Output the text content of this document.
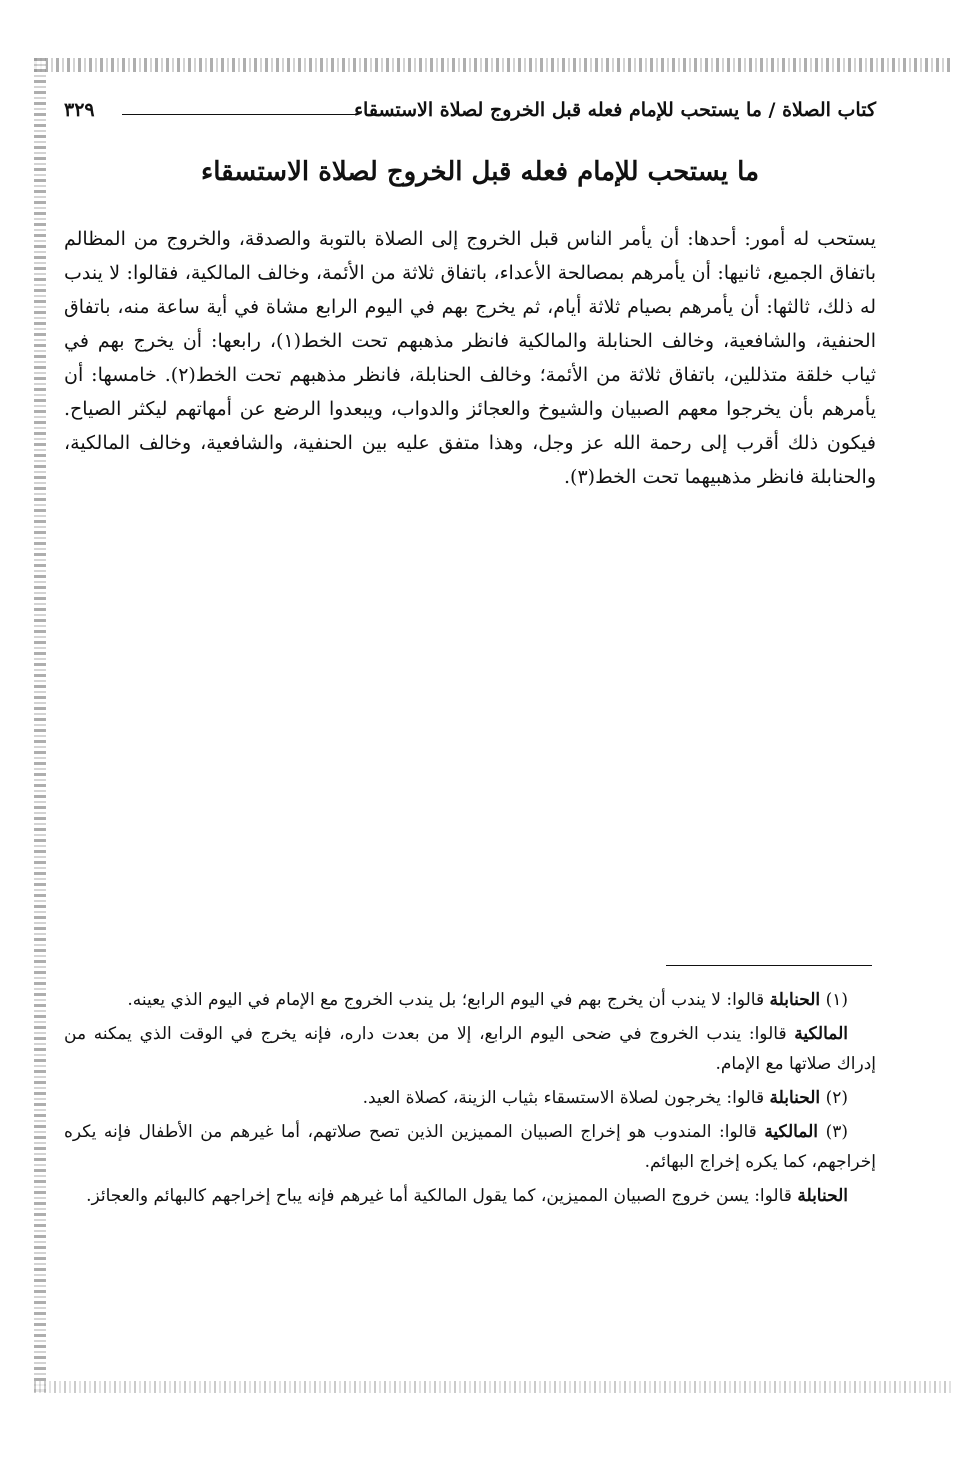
كتاب الصلاة / ما يستحب للإمام فعله قبل الخروج لصلاة الاستسقاء
٣٢٩
ما يستحب للإمام فعله قبل الخروج لصلاة الاستسقاء

يستحب له أمور: أحدها: أن يأمر الناس قبل الخروج إلى الصلاة بالتوبة والصدقة، والخروج من المظالم باتفاق الجميع، ثانيها: أن يأمرهم بمصالحة الأعداء، باتفاق ثلاثة من الأئمة، وخالف المالكية، فقالوا: لا يندب له ذلك، ثالثها: أن يأمرهم بصيام ثلاثة أيام، ثم يخرج بهم في اليوم الرابع مشاة في أية ساعة منه، باتفاق الحنفية، والشافعية، وخالف الحنابلة والمالكية فانظر مذهبهم تحت الخط(١)، رابعها: أن يخرج بهم في ثياب خلقة متذللين، باتفاق ثلاثة من الأئمة؛ وخالف الحنابلة، فانظر مذهبهم تحت الخط(٢). خامسها: أن يأمرهم بأن يخرجوا معهم الصبيان والشيوخ والعجائز والدواب، ويبعدوا الرضع عن أمهاتهم ليكثر الصياح. فيكون ذلك أقرب إلى رحمة الله عز وجل، وهذا متفق عليه بين الحنفية، والشافعية، وخالف المالكية، والحنابلة فانظر مذهبيهما تحت الخط(٣).

(١) الحنابلة قالوا: لا يندب أن يخرج بهم في اليوم الرابع؛ بل يندب الخروج مع الإمام في اليوم الذي يعينه.

المالكية قالوا: يندب الخروج في ضحى اليوم الرابع، إلا من بعدت داره، فإنه يخرج في الوقت الذي يمكنه من إدراك صلاتها مع الإمام.

(٢) الحنابلة قالوا: يخرجون لصلاة الاستسقاء بثياب الزينة، كصلاة العيد.

(٣) المالكية قالوا: المندوب هو إخراج الصبيان المميزين الذين تصح صلاتهم، أما غيرهم من الأطفال فإنه يكره إخراجهم، كما يكره إخراج البهائم.

الحنابلة قالوا: يسن خروج الصبيان المميزين، كما يقول المالكية أما غيرهم فإنه يباح إخراجهم كالبهائم والعجائز.
